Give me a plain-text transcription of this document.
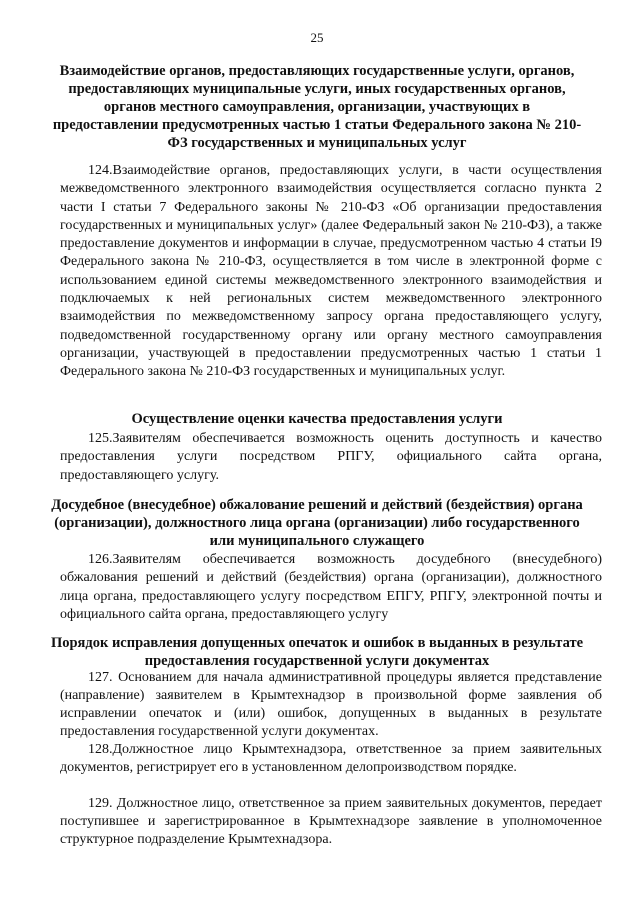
25
Взаимодействие органов, предоставляющих государственные услуги, органов, предоставляющих муниципальные услуги, иных государственных органов, органов местного самоуправления, организации, участвующих в предоставлении предусмотренных частью 1 статьи Федерального закона № 210-ФЗ государственных и муниципальных услуг
124.Взаимодействие органов, предоставляющих услуги, в части осуществления межведомственного электронного взаимодействия осуществляется согласно пункта 2 части I статьи 7 Федерального законы № 210-ФЗ «Об организации предоставления государственных и муниципальных услуг» (далее Федеральный закон № 210-ФЗ), а также предоставление документов и информации в случае, предусмотренном частью 4 статьи I9 Федерального закона № 210-ФЗ, осуществляется в том числе в электронной форме с использованием единой системы межведомственного электронного взаимодействия и подключаемых к ней региональных систем межведомственного электронного взаимодействия по межведомственному запросу органа предоставляющего услугу, подведомственной государственному органу или органу местного самоуправления организации, участвующей в предоставлении предусмотренных частью 1 статьи 1 Федерального закона № 210-ФЗ государственных и муниципальных услуг.
Осуществление оценки качества предоставления услуги
125.Заявителям обеспечивается возможность оценить доступность и качество предоставления услуги посредством РПГУ, официального сайта органа, предоставляющего услугу.
Досудебное (внесудебное) обжалование решений и действий (бездействия) органа (организации), должностного лица органа (организации) либо государственного или муниципального служащего
126.Заявителям обеспечивается возможность досудебного (внесудебного) обжалования решений и действий (бездействия) органа (организации), должностного лица органа, предоставляющего услугу посредством ЕПГУ, РПГУ, электронной почты и официального сайта органа, предоставляющего услугу
Порядок исправления допущенных опечаток и ошибок в выданных в результате предоставления государственной услуги документах
127. Основанием для начала административной процедуры является представление (направление) заявителем в Крымтехнадзор в произвольной форме заявления об исправлении опечаток и (или) ошибок, допущенных в выданных в результате предоставления государственной услуги документах.
128.Должностное лицо Крымтехнадзора, ответственное за прием заявительных документов, регистрирует его в установленном делопроизводством порядке.
129. Должностное лицо, ответственное за прием заявительных документов, передает поступившее и зарегистрированное в Крымтехнадзоре заявление в уполномоченное структурное подразделение Крымтехнадзора.
